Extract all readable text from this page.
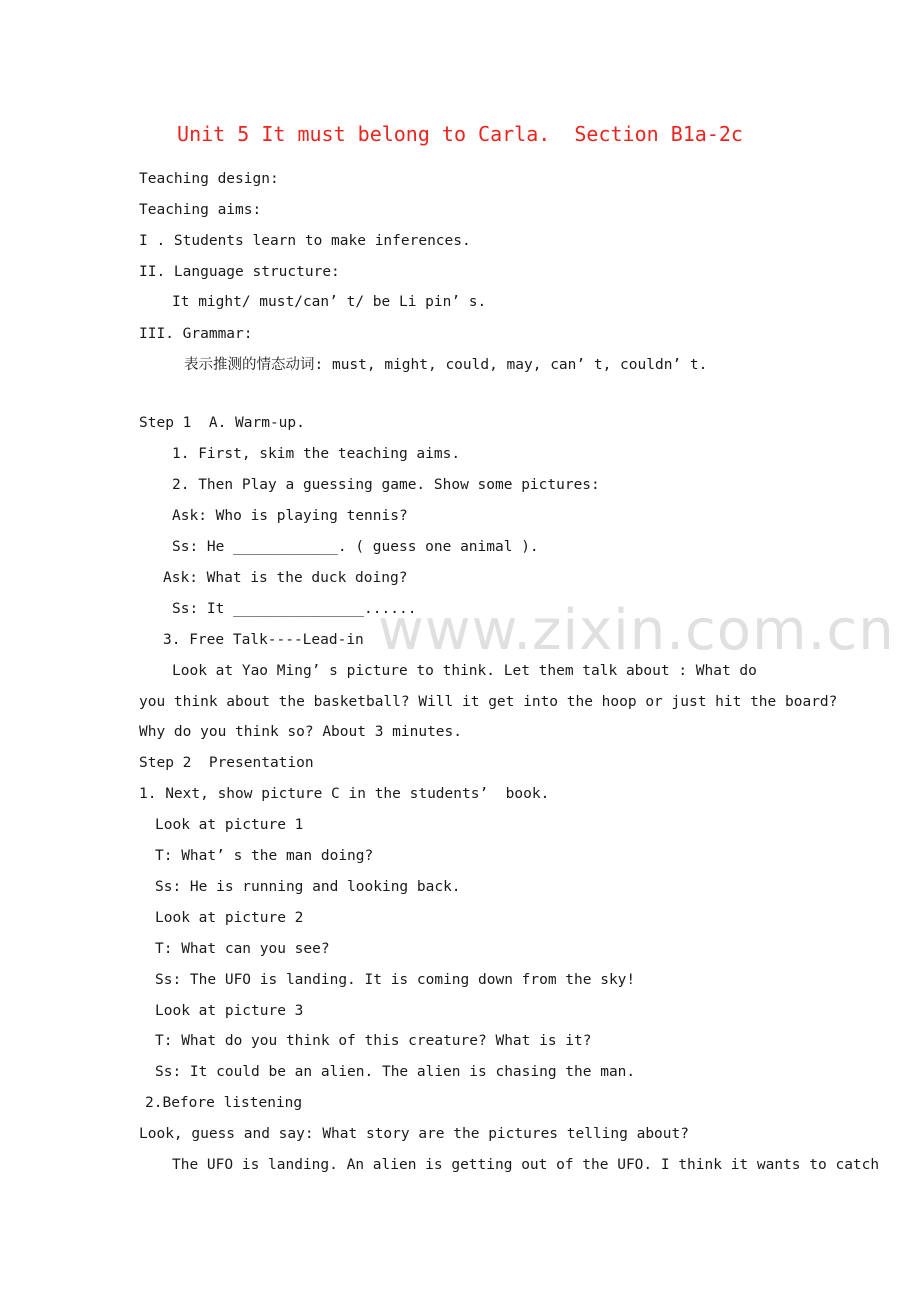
Unit 5 It must belong to Carla.  Section B1a-2c
Teaching design:
Teaching aims:
I . Students learn to make inferences.
II. Language structure:
It might/ must/can’ t/ be Li pin’ s.
III. Grammar:
表示推测的情态动词: must, might, could, may, can’ t, couldn’ t.
Step 1  A. Warm-up.
1. First, skim the teaching aims.
2. Then Play a guessing game. Show some pictures:
Ask: Who is playing tennis?
Ss: He ____________. ( guess one animal ).
Ask: What is the duck doing?
Ss: It _______________......
3. Free Talk----Lead-in
Look at Yao Ming’ s picture to think. Let them talk about : What do
you think about the basketball? Will it get into the hoop or just hit the board?
Why do you think so? About 3 minutes.
Step 2  Presentation
1. Next, show picture C in the students’  book.
Look at picture 1
T: What’ s the man doing?
Ss: He is running and looking back.
Look at picture 2
T: What can you see?
Ss: The UFO is landing. It is coming down from the sky!
Look at picture 3
T: What do you think of this creature? What is it?
Ss: It could be an alien. The alien is chasing the man.
2.Before listening
Look, guess and say: What story are the pictures telling about?
The UFO is landing. An alien is getting out of the UFO. I think it wants to catch
www.zixin.com.cn
